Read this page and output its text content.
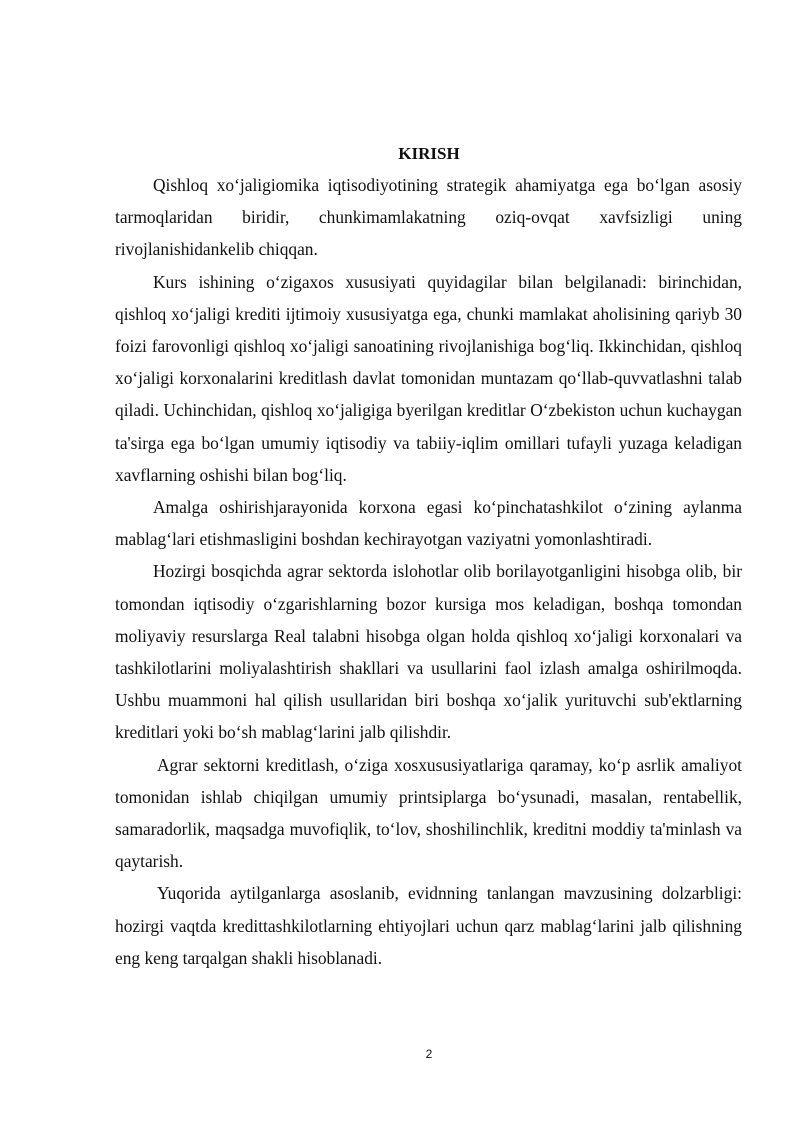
KIRISH

Qishloq xo‘jaligiomika iqtisodiyotining strategik ahamiyatga ega bo‘lgan asosiy tarmoqlaridan biridir, chunkimamlakatning oziq-ovqat xavfsizligi uning rivojlanishidankelib chiqqan.

Kurs ishining o‘zigaxos xususiyati quyidagilar bilan belgilanadi: birinchidan, qishloq xo‘jaligi krediti ijtimoiy xususiyatga ega, chunki mamlakat aholisining qariyb 30 foizi farovonligi qishloq xo‘jaligi sanoatining rivojlanishiga bog‘liq. Ikkinchidan, qishloq xo‘jaligi korxonalarini kreditlash davlat tomonidan muntazam qo‘llab-quvvatlashni talab qiladi. Uchinchidan, qishloq xo‘jaligiga byerilgan kreditlar O‘zbekiston uchun kuchaygan ta'sirga ega bo‘lgan umumiy iqtisodiy va tabiiy-iqlim omillari tufayli yuzaga keladigan xavflarning oshishi bilan bog‘liq.

Amalga oshirishjarayonida korxona egasi ko‘pinchatashkilot o‘zining aylanma mablag‘lari etishmasligini boshdan kechirayotgan vaziyatni yomonlashtiradi.

Hozirgi bosqichda agrar sektorda islohotlar olib borilayotganligini hisobga olib, bir tomondan iqtisodiy o‘zgarishlarning bozor kursiga mos keladigan, boshqa tomondan moliyaviy resurslarga Real talabni hisobga olgan holda qishloq xo‘jaligi korxonalari va tashkilotlarini moliyalashtirish shakllari va usullarini faol izlash amalga oshirilmoqda. Ushbu muammoni hal qilish usullaridan biri boshqa xo‘jalik yurituvchi sub'ektlarning kreditlari yoki bo‘sh mablag‘larini jalb qilishdir.

Agrar sektorni kreditlash, o‘ziga xosxususiyatlariga qaramay, ko‘p asrlik amaliyot tomonidan ishlab chiqilgan umumiy printsiplarga bo‘ysunadi, masalan, rentabellik, samaradorlik, maqsadga muvofiqlik, to‘lov, shoshilinchlik, kreditni moddiy ta'minlash va qaytarish.

Yuqorida aytilganlarga asoslanib, evidnning tanlangan mavzusining dolzarbligi: hozirgi vaqtda kredittashkilotlarning ehtiyojlari uchun qarz mablag‘larini jalb qilishning eng keng tarqalgan shakli hisoblanadi.

2
